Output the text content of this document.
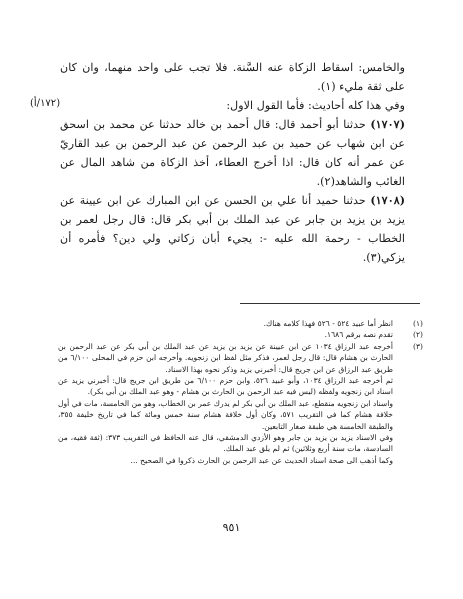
(١٧٢/أ)

والخامس: اسقاط الزكاة عنه السَّنة. فلا تجب على واحد منهما، وان كان على ثقة مليء (١).

وفي هذا كله أحاديث: فأما القول الاول:

(١٧٠٧) حدثنا أبو أحمد قال: قال أحمد بن خالد حدثنا عن محمد بن اسحق عن ابن شهاب عن حميد بن عبد الرحمن عن عبد الرحمن بن عبد القاريّ عن عمر أنه كان قال: اذا أخرج العطاء، أخذ الزكاة من شاهد المال عن الغائب والشاهد(٢).

(١٧٠٨) حدثنا حميد أنا علي بن الحسن عن ابن المبارك عن ابن عيينة عن يزيد بن يزيد بن جابر عن عبد الملك بن أبي بكر قال: قال رجل لعمر بن الخطاب - رحمة الله عليه -: يجيء أبان زكاتي ولي دين؟ فأمره أن يزكي(٣).

(١)
انظر أما عبيد ٥٢٤ - ٥٢٦ فهذا كلامه هناك.
(٢)
تقدم نصه برقم ١٦٨٦.
(٣)
أخرجه عبد الرزاق ١٠٣٤ عن ابن عيينة عن يزيد بن يزيد عن عبد الملك بن أبي بكر عن عبد الرحمن بن الحارث بن هشام قال: قال رجل لعمر، فذكر مثل لفظ ابن زنجويه. وأخرجه ابن حزم في المحلى ٦/١٠٠ من طريق عبد الرزاق عن ابن جريج قال: أخبرني يزيد وذكر نحوه بهذا الاسناد.
ثم أخرجه عبد الرزاق ١٠٣٤، وأبو عبيد ٥٢٦، وابن حزم ٦/١٠٠ من طريق ابن جريج قال: أخبرني يزيد عن اسناد ابن زنجويه ولفظه (ليس فيه عبد الرحمن بن الحارث بن هشام - وهو عبد الملك بن أبي بكر).
واسناد ابن زنجويه منقطع، عبد الملك بن أبي بكر لم يدرك عمر بن الخطاب، وهو من الخامسة، مات في أول خلافة هشام كما في التقريب ٥٧١، وكان أول خلافة هشام سنة خمس ومائة كما في تاريخ خليفة ٣٥٥، والطبقة الخامسة هي طبقة صغار التابعين.
وفي الاسناد يزيد بن يزيد بن جابر وهو الأزدي الدمشقي، قال عنه الحافظ في التقريب ٣٧٣: (ثقة فقيه، من السادسة، مات سنة أربع وثلاثين) ثم لم يلق عبد الملك.
وكما أذهب الى صحة اسناد الحديث عن عبد الرحمن بن الحارث ذكروا في الصحيح ...
٩٥١
